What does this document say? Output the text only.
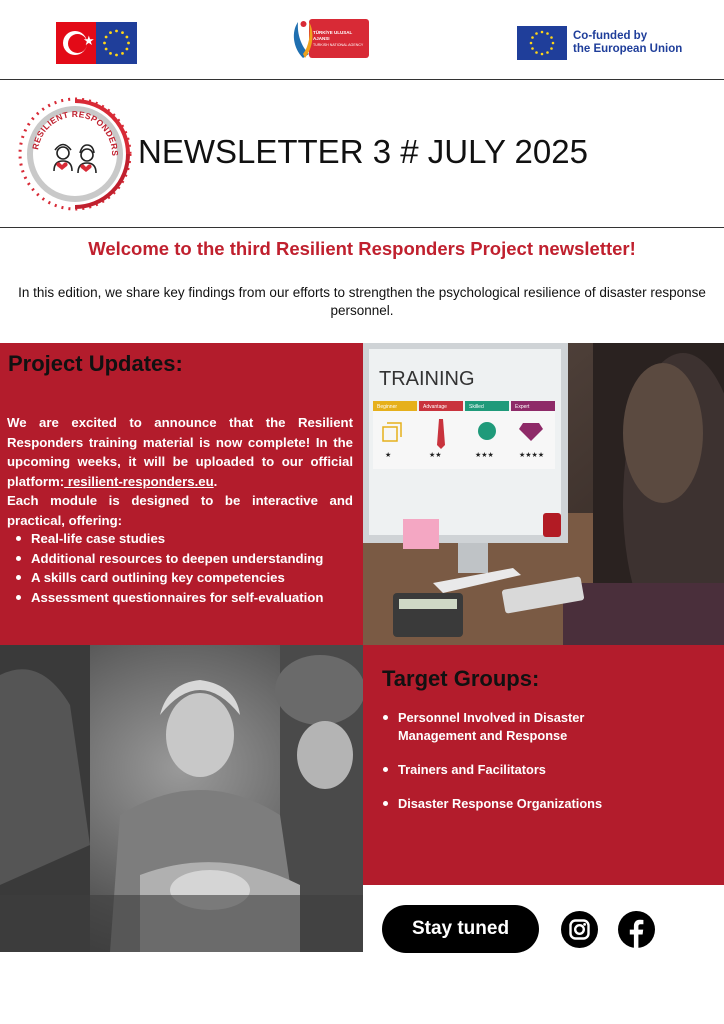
★
TÜRKİYE ULUSAL AJANSI
TURKISH NATIONAL AGENCY
Co-funded by
the European Union
RESILIENT RESPONDERS NEWSLETTER 3 # JULY 2025
Welcome to the third Resilient Responders Project newsletter!
In this edition, we share key findings from our efforts to strengthen the psychological resilience of disaster response personnel.
Project Updates:
We are excited to announce that the Resilient Responders training material is now complete! In the upcoming weeks, it will be uploaded to our official platform: resilient-responders.eu.
Each module is designed to be interactive and practical, offering:
Real-life case studies
Additional resources to deepen understanding
A skills card outlining key competencies
Assessment questionnaires for self-evaluation
TRAINING
Beginner	Advantage	Skilled	Expert
★	★★	★★★	★★★★
Target Groups:
Personnel Involved in Disaster Management and Response
Trainers and Facilitators
Disaster Response Organizations
Stay tuned
